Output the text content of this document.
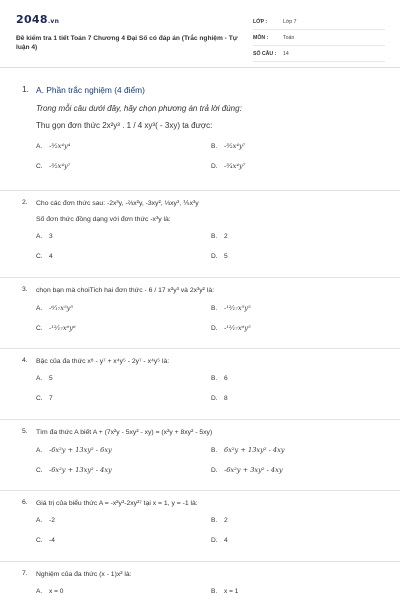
2048.vn
Đề kiểm tra 1 tiết Toán 7 Chương 4 Đại Số có đáp án (Trắc nghiệm - Tự luận 4)
LỚP :	Lớp 7
MÔN :	Toán
SỐ CÂU : 14
1. A. Phần trắc nghiệm (4 điểm)
Trong mỗi câu dưới đây, hãy chọn phương án trả lời đúng:
Thu gọn đơn thức 2x²y³ . 1 / 4 xy³( - 3xy) ta được:
A. -³⁄₂x⁴y⁴	B. -³⁄₂x⁴y⁷
C. -³⁄₂x⁴y⁷	D. -³⁄₄x⁴y⁷
2. Cho các đơn thức sau: -2x³y, -⅔x²y, -3xy², ⅓xy³, ⅕x³y
Số đơn thức đồng dạng với đơn thức -x³y là:
A. 3	B. 2
C. 4	D. 5
3. chọn bạn mà choiTich hai đơn thức - 6 / 17 x²y³ và 2x³y² là:
A. -⁶⁄₁₇x⁵y⁵	B. -¹²⁄₁₇x⁵y⁵
C. -¹²⁄₁₇x⁶y⁶	D. -¹²⁄₁₇x⁶y⁵
4. Bậc của đa thức x⁸ - y⁷ + x⁴y⁵ - 2y⁷ - x⁴y⁵ là:
A. 5	B. 6
C. 7	D. 8
5. Tìm đa thức A biết A + (7x²y - 5xy² - xy) = (x²y + 8xy² - 5xy)
A. -6x²y + 13xy² - 6xy	B. 6x²y + 13xy² - 4xy
C. -6x²y + 13xy² - 4xy	D. -6x²y + 3xy² - 4xy
6. Giá trị của biểu thức A = -x²y³-2xy²⁷ tại x = 1, y = -1 là:
A. -2	B. 2
C. -4	D. 4
7. Nghiệm của đa thức (x - 1)x² là:
A. x = 0	B. x = 1
